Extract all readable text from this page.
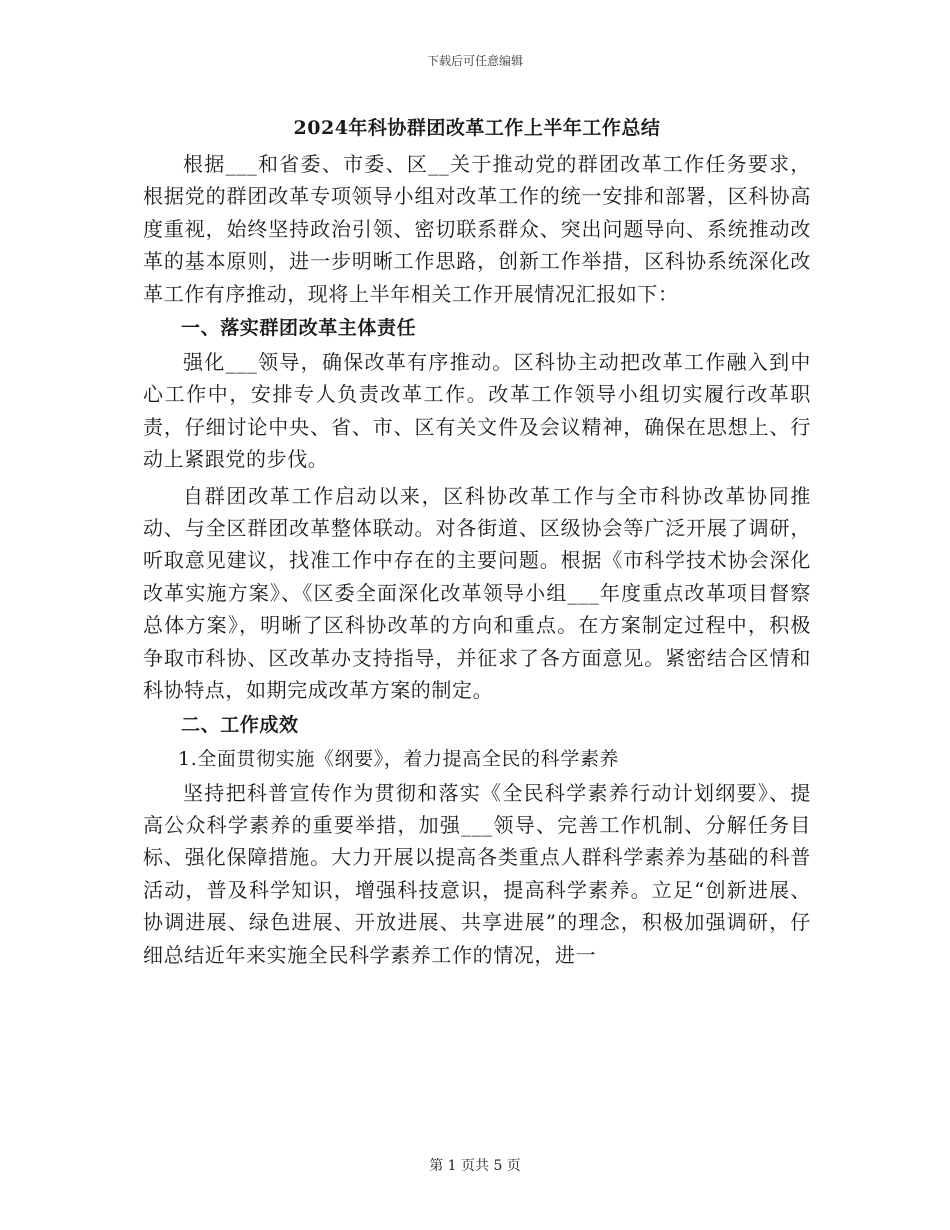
下载后可任意编辑
2024年科协群团改革工作上半年工作总结

根据___和省委、市委、区__关于推动党的群团改革工作任务要求，根据党的群团改革专项领导小组对改革工作的统一安排和部署，区科协高度重视，始终坚持政治引领、密切联系群众、突出问题导向、系统推动改革的基本原则，进一步明晰工作思路，创新工作举措，区科协系统深化改革工作有序推动，现将上半年相关工作开展情况汇报如下：

一、落实群团改革主体责任

强化___领导，确保改革有序推动。区科协主动把改革工作融入到中心工作中，安排专人负责改革工作。改革工作领导小组切实履行改革职责，仔细讨论中央、省、市、区有关文件及会议精神，确保在思想上、行动上紧跟党的步伐。

自群团改革工作启动以来，区科协改革工作与全市科协改革协同推动、与全区群团改革整体联动。对各街道、区级协会等广泛开展了调研，听取意见建议，找准工作中存在的主要问题。根据《市科学技术协会深化改革实施方案》、《区委全面深化改革领导小组___年度重点改革项目督察总体方案》，明晰了区科协改革的方向和重点。在方案制定过程中，积极争取市科协、区改革办支持指导，并征求了各方面意见。紧密结合区情和科协特点，如期完成改革方案的制定。

二、工作成效
1.全面贯彻实施《纲要》，着力提高全民的科学素养

坚持把科普宣传作为贯彻和落实《全民科学素养行动计划纲要》、提高公众科学素养的重要举措，加强___领导、完善工作机制、分解任务目标、强化保障措施。大力开展以提高各类重点人群科学素养为基础的科普活动，普及科学知识，增强科技意识，提高科学素养。立足“创新进展、协调进展、绿色进展、开放进展、共享进展”的理念，积极加强调研，仔细总结近年来实施全民科学素养工作的情况，进一

第 1 页共 5 页
